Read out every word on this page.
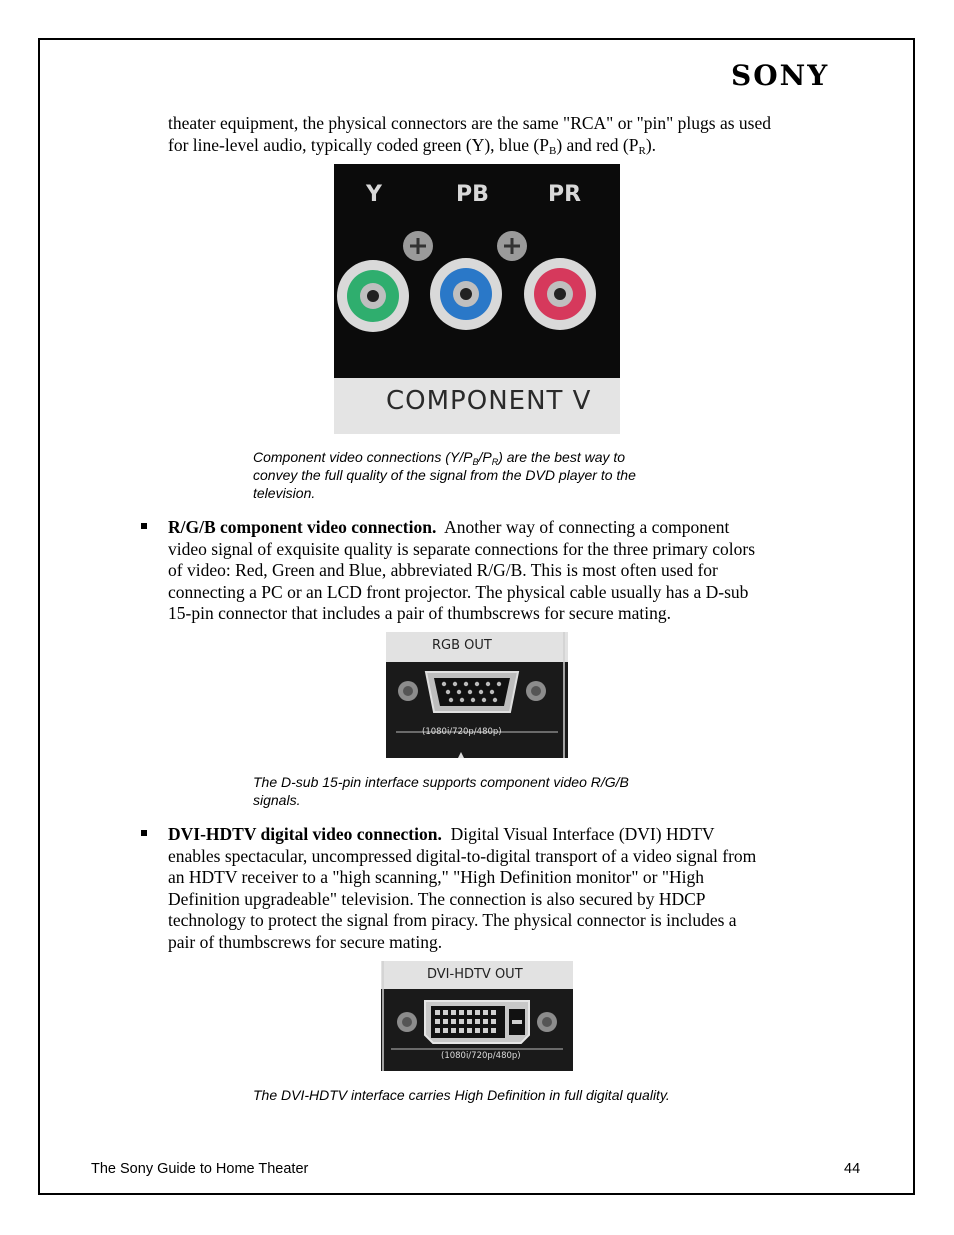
SONY

theater equipment, the physical connectors are the same "RCA" or "pin" plugs as used
for line-level audio, typically coded green (Y), blue $(P_B)$ and red $(P_R)$.

Y	PB	PR
COMPONENT V

Component video connections $(Y/P_B/P_R)$ are the best way to
convey the full quality of the signal from the DVD player to the
television.

R/G/B component video connection. Another way of connecting a component
video signal of exquisite quality is separate connections for the three primary colors
of video: Red, Green and Blue, abbreviated R/G/B. This is most often used for
connecting a PC or an LCD front projector. The physical cable usually has a D-sub
15-pin connector that includes a pair of thumbscrews for secure mating.

RGB OUT
(1080i/720p/480p)

The D-sub 15-pin interface supports component video R/G/B
signals.

DVI-HDTV digital video connection. Digital Visual Interface (DVI) HDTV
enables spectacular, uncompressed digital-to-digital transport of a video signal from
an HDTV receiver to a "high scanning," "High Definition monitor" or "High
Definition upgradeable" television. The connection is also secured by HDCP
technology to protect the signal from piracy. The physical connector is includes a
pair of thumbscrews for secure mating.

DVI-HDTV OUT
(1080i/720p/480p)

The DVI-HDTV interface carries High Definition in full digital quality.

The Sony Guide to Home Theater	44
